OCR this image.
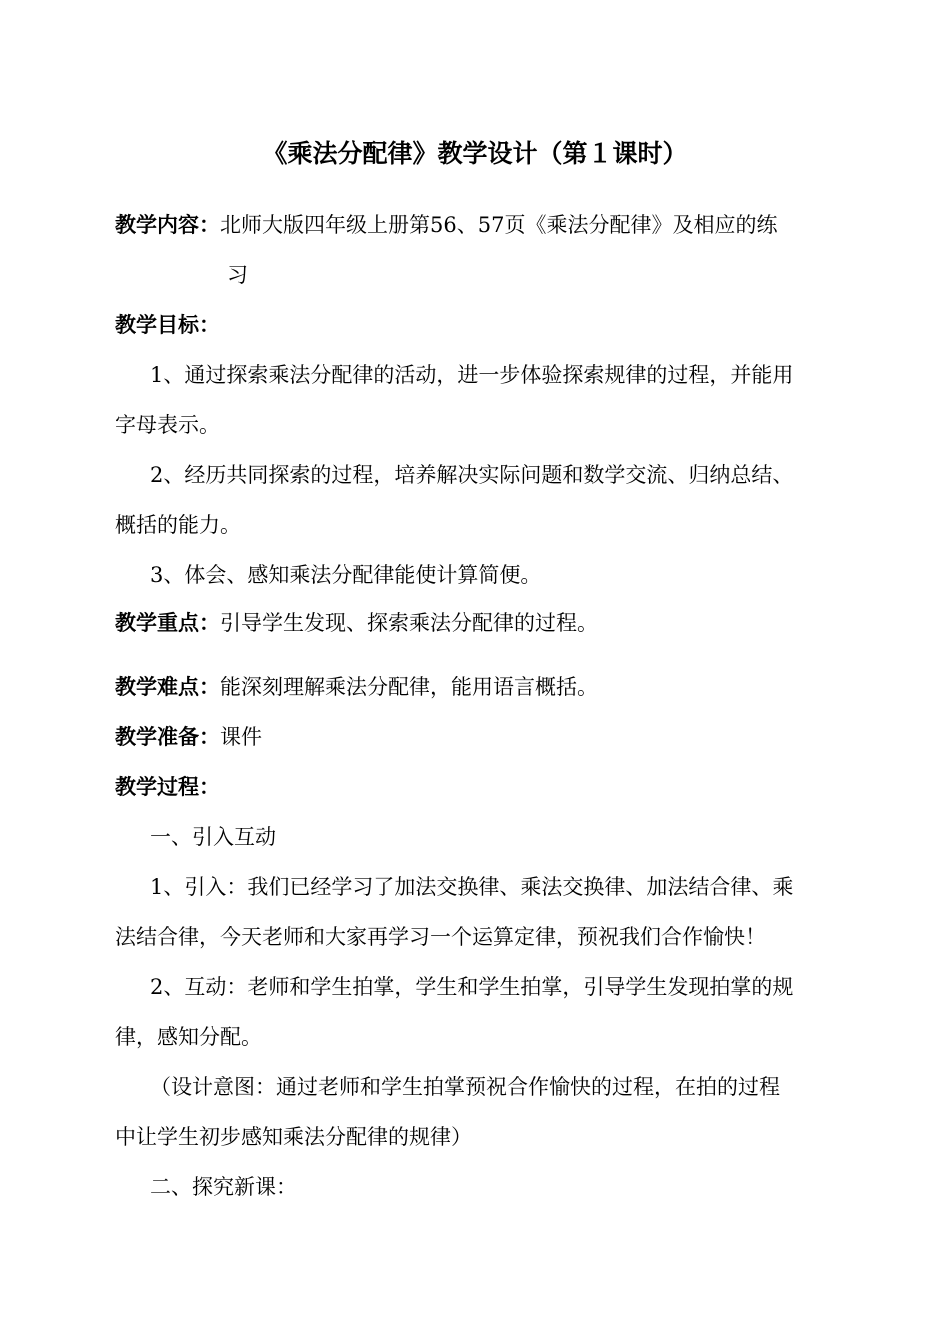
《乘法分配律》教学设计（第１课时）
教学内容：北师大版四年级上册第56、57页《乘法分配律》及相应的练
习
教学目标：
1、通过探索乘法分配律的活动，进一步体验探索规律的过程，并能用
字母表示。
2、经历共同探索的过程，培养解决实际问题和数学交流、归纳总结、
概括的能力。
3、体会、感知乘法分配律能使计算简便。
教学重点：引导学生发现、探索乘法分配律的过程。
教学难点：能深刻理解乘法分配律，能用语言概括。
教学准备：课件
教学过程：
一、引入互动
1、引入：我们已经学习了加法交换律、乘法交换律、加法结合律、乘
法结合律，今天老师和大家再学习一个运算定律，预祝我们合作愉快！
2、互动：老师和学生拍掌，学生和学生拍掌，引导学生发现拍掌的规
律，感知分配。
（设计意图：通过老师和学生拍掌预祝合作愉快的过程，在拍的过程
中让学生初步感知乘法分配律的规律）
二、探究新课：
